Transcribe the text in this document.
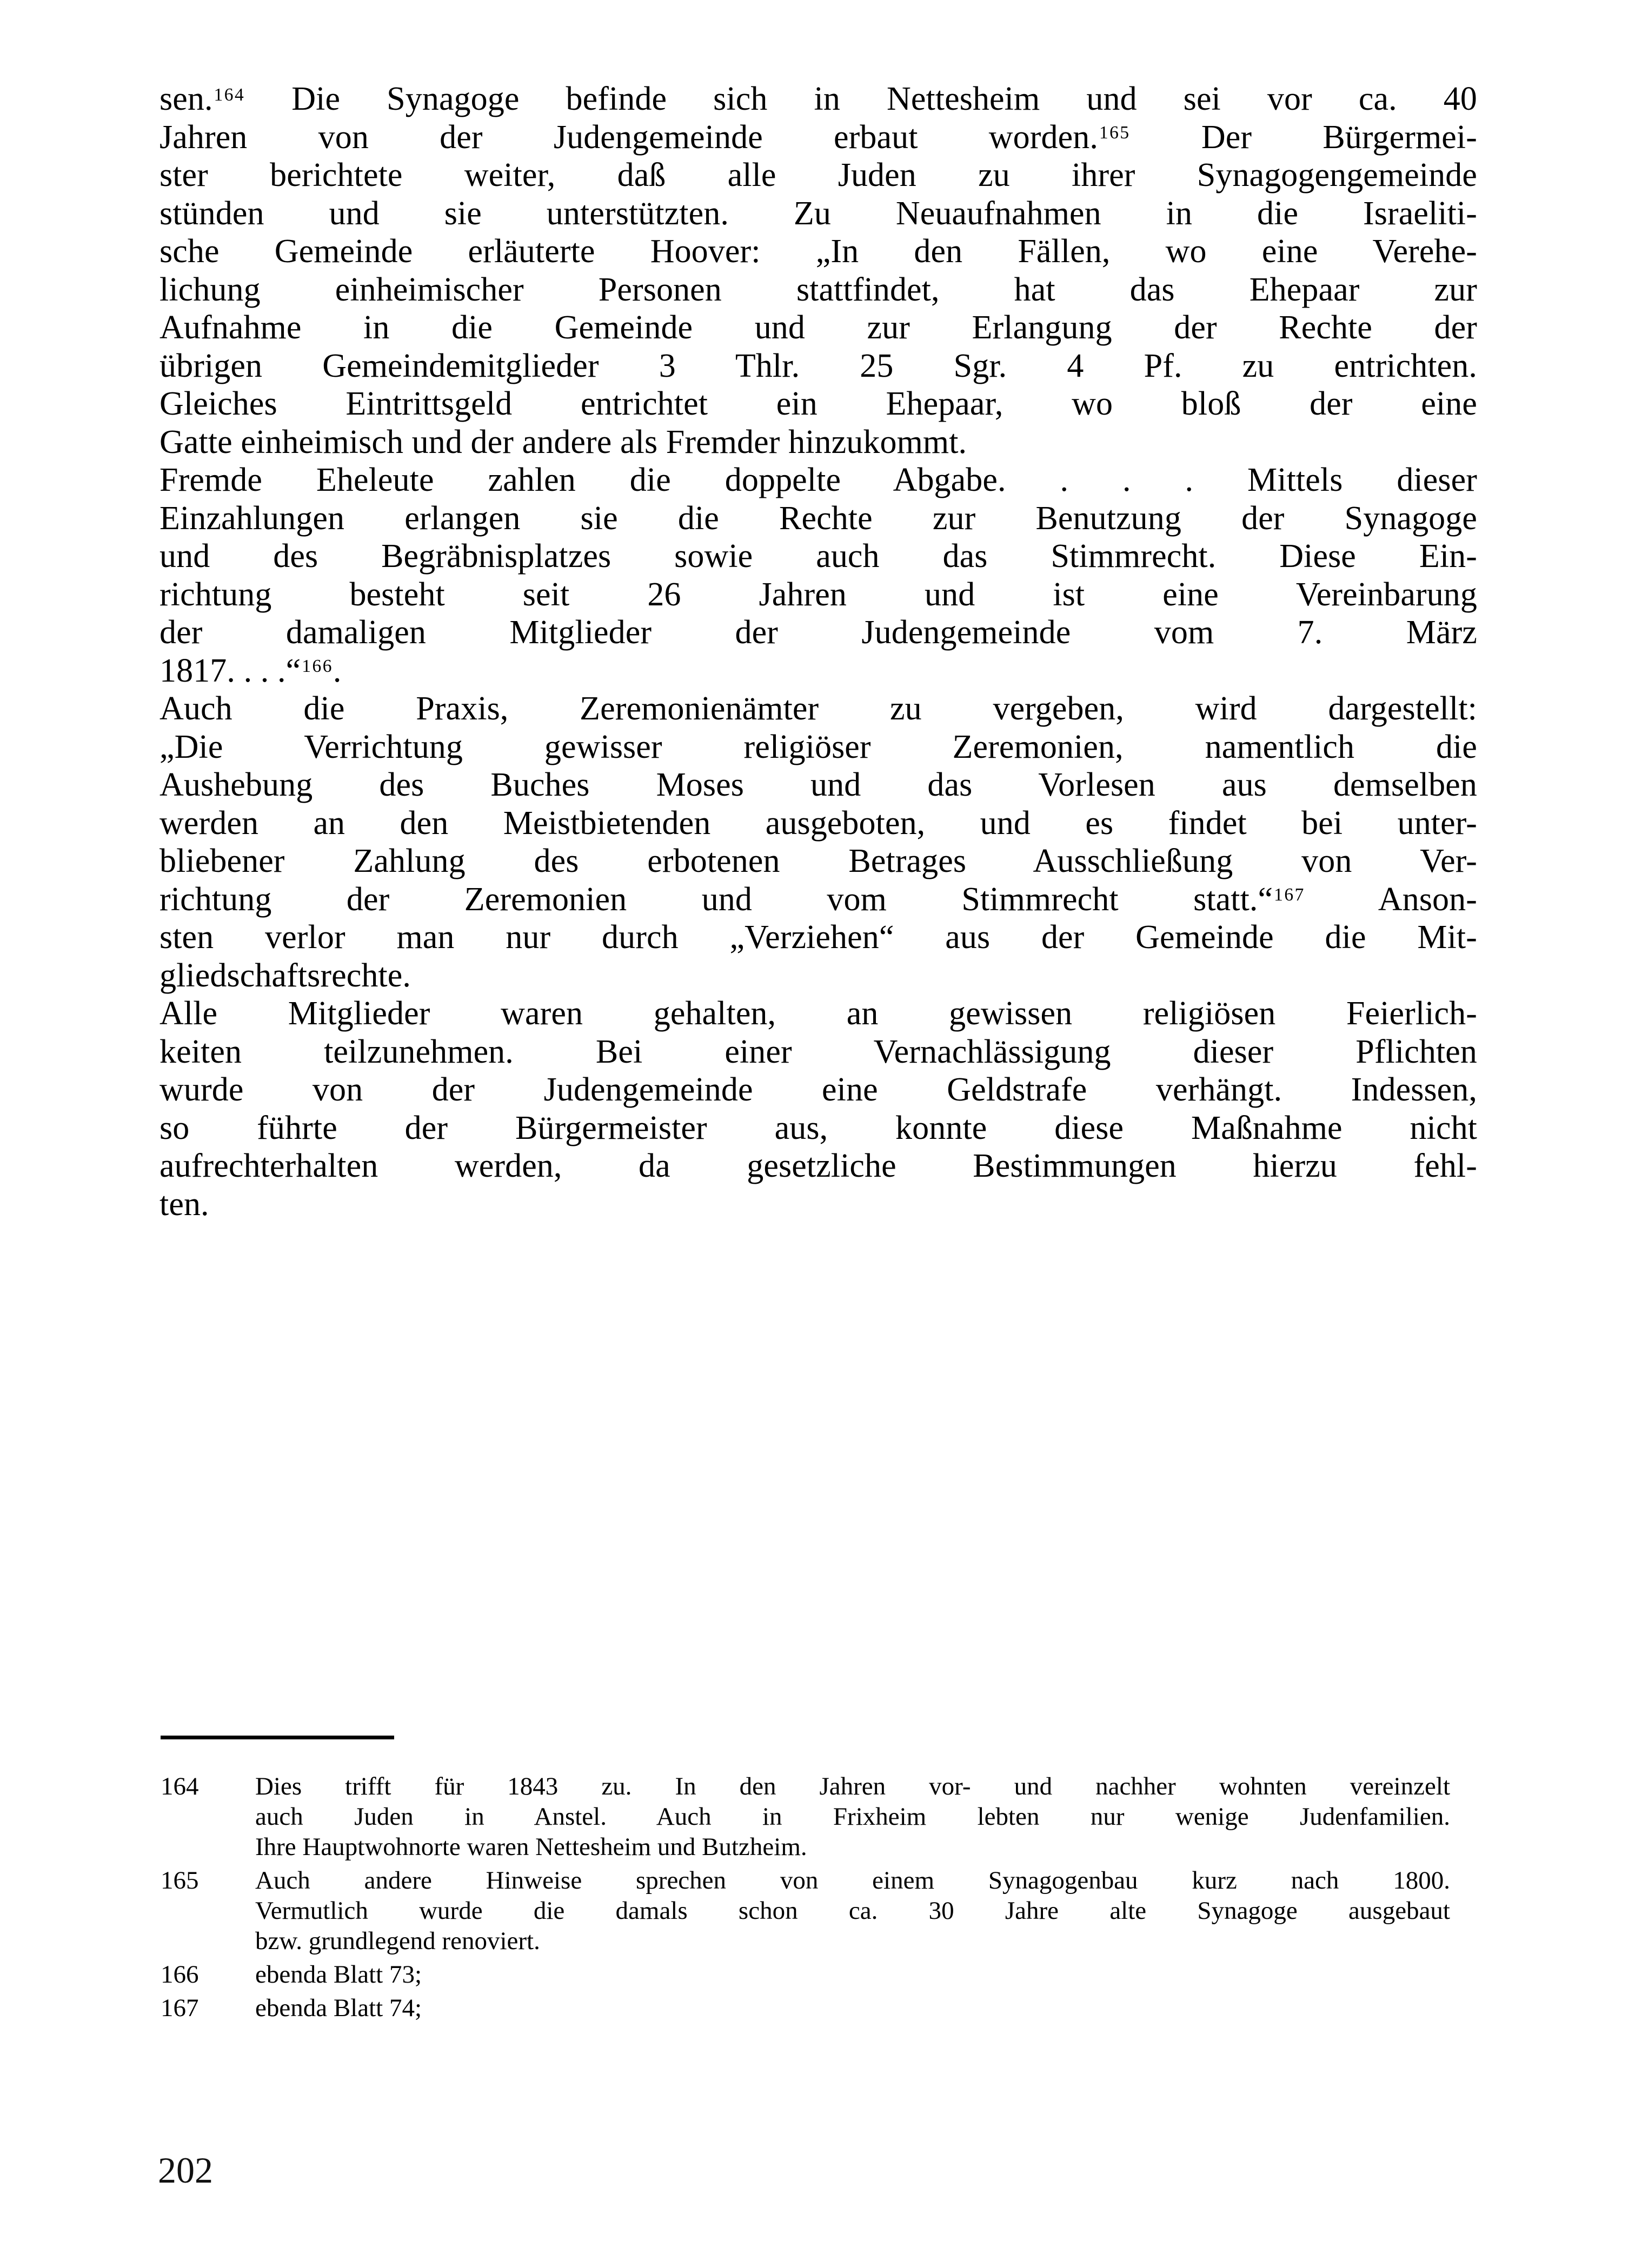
sen.$^{164}$ Die Synagoge befinde sich in Nettesheim und sei vor ca. 40
Jahren von der Judengemeinde erbaut worden.$^{165}$ Der Bürgermei-
ster berichtete weiter, daß alle Juden zu ihrer Synagogengemeinde
stünden und sie unterstützten. Zu Neuaufnahmen in die Israeliti-
sche Gemeinde erläuterte Hoover: „In den Fällen, wo eine Verehe-
lichung einheimischer Personen stattfindet, hat das Ehepaar zur
Aufnahme in die Gemeinde und zur Erlangung der Rechte der
übrigen Gemeindemitglieder 3 Thlr. 25 Sgr. 4 Pf. zu entrichten.
Gleiches Eintrittsgeld entrichtet ein Ehepaar, wo bloß der eine
Gatte einheimisch und der andere als Fremder hinzukommt.

Fremde Eheleute zahlen die doppelte Abgabe. . . . Mittels dieser
Einzahlungen erlangen sie die Rechte zur Benutzung der Synagoge
und des Begräbnisplatzes sowie auch das Stimmrecht. Diese Ein-
richtung besteht seit 26 Jahren und ist eine Vereinbarung
der damaligen Mitglieder der Judengemeinde vom 7. März
1817. . . .“$^{166}$.

Auch die Praxis, Zeremonienämter zu vergeben, wird dargestellt:
„Die Verrichtung gewisser religiöser Zeremonien, namentlich die
Aushebung des Buches Moses und das Vorlesen aus demselben
werden an den Meistbietenden ausgeboten, und es findet bei unter-
bliebener Zahlung des erbotenen Betrages Ausschließung von Ver-
richtung der Zeremonien und vom Stimmrecht statt.“$^{167}$ Anson-
sten verlor man nur durch „Verziehen“ aus der Gemeinde die Mit-
gliedschaftsrechte.

Alle Mitglieder waren gehalten, an gewissen religiösen Feierlich-
keiten teilzunehmen. Bei einer Vernachlässigung dieser Pflichten
wurde von der Judengemeinde eine Geldstrafe verhängt. Indessen,
so führte der Bürgermeister aus, konnte diese Maßnahme nicht
aufrechterhalten werden, da gesetzliche Bestimmungen hierzu fehl-
ten.

164	Dies trifft für 1843 zu. In den Jahren vor- und nachher wohnten vereinzelt
auch Juden in Anstel. Auch in Frixheim lebten nur wenige Judenfamilien.
Ihre Hauptwohnorte waren Nettesheim und Butzheim.
165	Auch andere Hinweise sprechen von einem Synagogenbau kurz nach 1800.
Vermutlich wurde die damals schon ca. 30 Jahre alte Synagoge ausgebaut
bzw. grundlegend renoviert.
166	ebenda Blatt 73;
167	ebenda Blatt 74;
202
